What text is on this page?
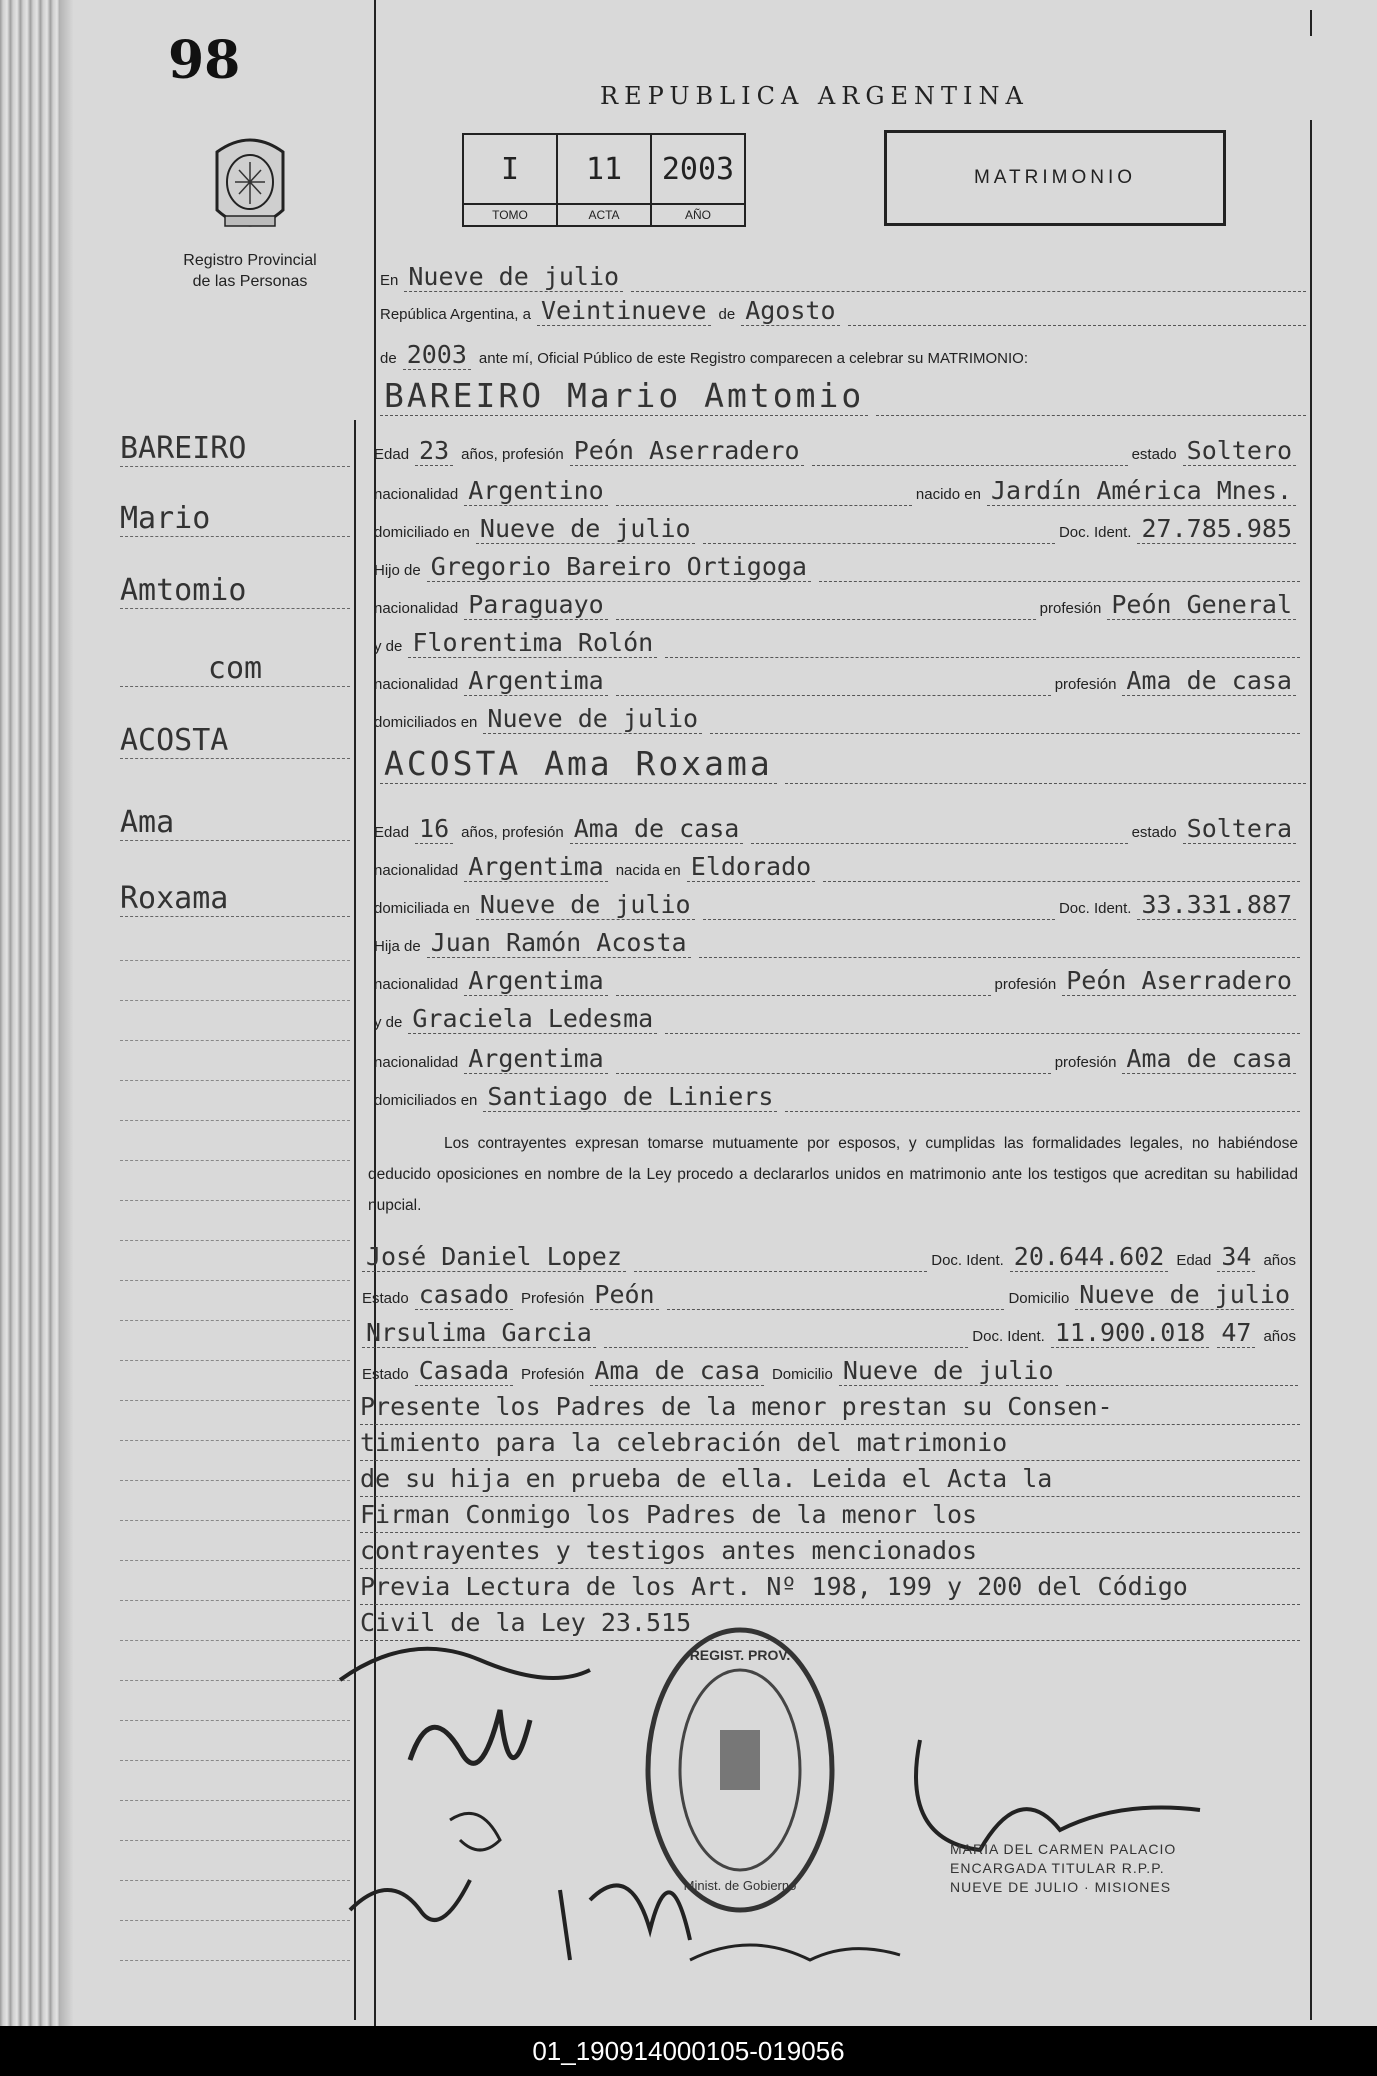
98
Registro Provincial
de las Personas
REPUBLICA ARGENTINA
I 11 2003
TOMO	ACTA	AÑO
MATRIMONIO
En Nueve de julio
República Argentina, a Veintinueve de Agosto
de 2003 ante mí, Oficial Público de este Registro comparecen a celebrar su MATRIMONIO:
BAREIRO Mario Amtomio
Edad 23 años, profesión Peón Aserradero	estado Soltero
nacionalidad Argentino	nacido en Jardín América Mnes.
domiciliado en Nueve de julio	Doc. Ident. 27.785.985
Hijo de Gregorio Bareiro Ortigoga
nacionalidad Paraguayo	profesión Peón General
y de Florentima Rolón
nacionalidad Argentima	profesión Ama de casa
domiciliados en Nueve de julio
ACOSTA Ama Roxama
Edad 16 años, profesión Ama de casa	estado Soltera
nacionalidad Argentima nacida en Eldorado
domiciliada en Nueve de julio	Doc. Ident. 33.331.887
Hija de Juan Ramón Acosta
nacionalidad Argentima	profesión Peón Aserradero
y de Graciela Ledesma
nacionalidad Argentima	profesión Ama de casa
domiciliados en Santiago de Liniers
Los contrayentes expresan tomarse mutuamente por esposos, y cumplidas las formalidades legales, no habiéndose deducido oposiciones en nombre de la Ley procedo a declararlos unidos en matrimonio ante los testigos que acreditan su habilidad nupcial.
José Daniel Lopez	Doc. Ident. 20.644.602 Edad 34 años
Estado casado Profesión Peón	Domicilio Nueve de julio
Nrsulima Garcia	Doc. Ident. 11.900.018 47 años
Estado Casada Profesión Ama de casa Domicilio Nueve de julio
Presente los Padres de la menor prestan su Consen-
timiento para la celebración del matrimonio
de su hija en prueba de ella. Leida el Acta la
Firman Conmigo los Padres de la menor los
contrayentes y testigos antes mencionados
Previa Lectura de los Art. Nº 198, 199 y 200 del Código
Civil de la Ley 23.515
BAREIRO
Mario
Amtomio
com
ACOSTA
Ama
Roxama
REGIST. PROV.
Minist. de Gobierno
MARIA DEL CARMEN PALACIO
ENCARGADA TITULAR R.P.P.
NUEVE DE JULIO · MISIONES
01_190914000105-019056
